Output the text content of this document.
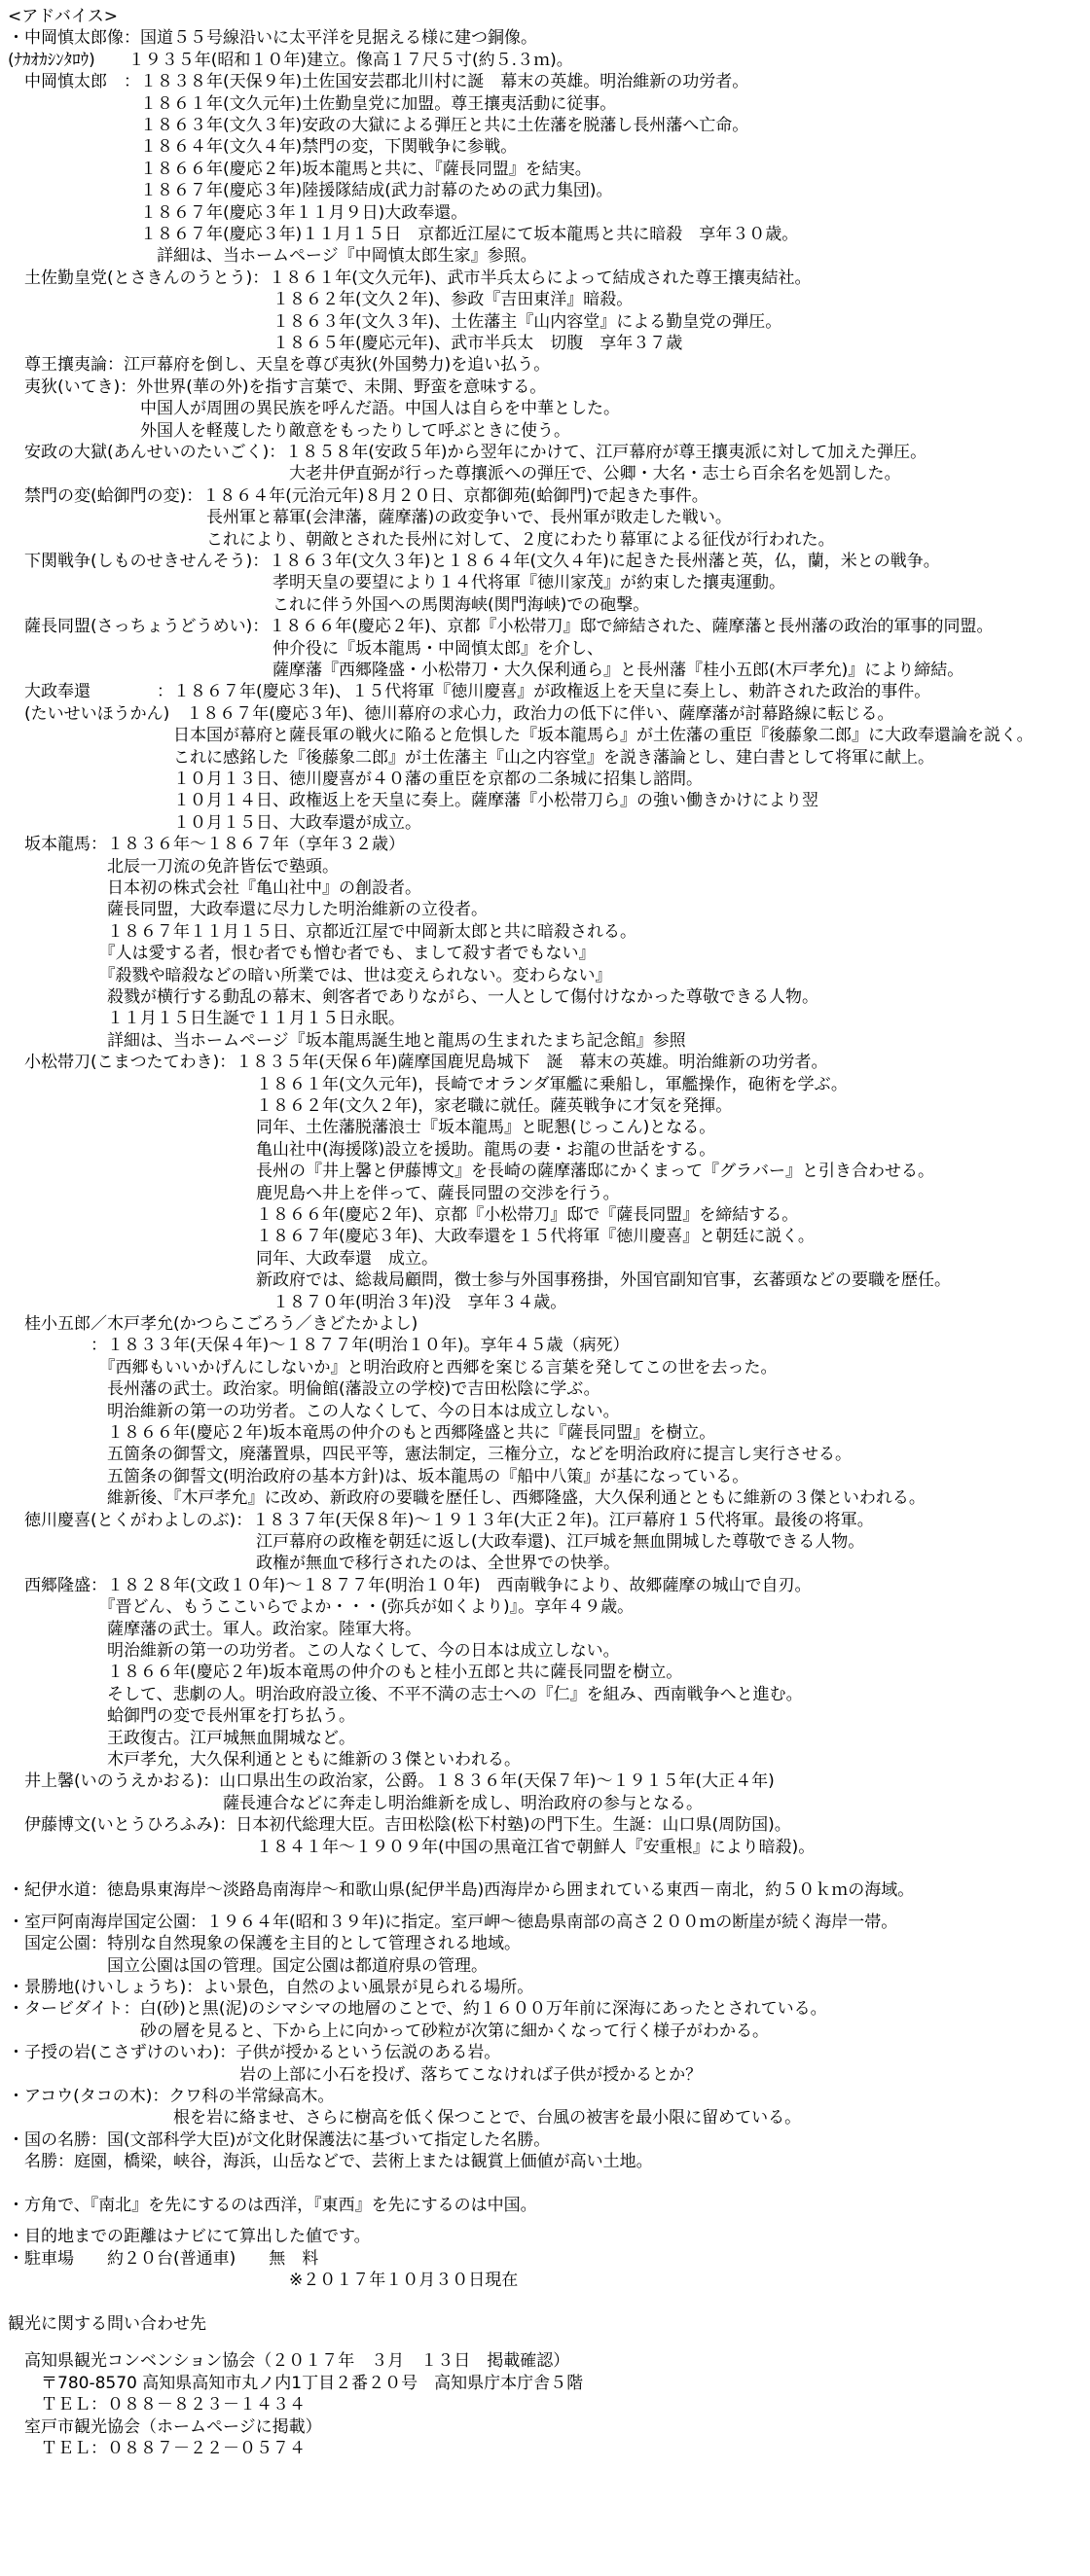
<アドバイス>
・中岡慎太郎像：国道５５号線沿いに太平洋を見据える様に建つ銅像。
(ﾅｶｵｶｼﾝﾀﾛｳ)　　１９３５年(昭和１０年)建立。像高１７尺５寸(約５.３ｍ)。
　中岡慎太郎　：１８３８年(天保９年)土佐国安芸郡北川村に誕　幕末の英雄。明治維新の功労者。
　　　　　　　　１８６１年(文久元年)土佐勤皇党に加盟。尊王攘夷活動に従事。
　　　　　　　　１８６３年(文久３年)安政の大獄による弾圧と共に土佐藩を脱藩し長州藩へ亡命。
　　　　　　　　１８６４年(文久４年)禁門の変，下関戦争に参戦。
　　　　　　　　１８６６年(慶応２年)坂本龍馬と共に、『薩長同盟』を結実。
　　　　　　　　１８６７年(慶応３年)陸援隊結成(武力討幕のための武力集団)。
　　　　　　　　１８６７年(慶応３年１１月９日)大政奉還。
　　　　　　　　１８６７年(慶応３年)１１月１５日　京都近江屋にて坂本龍馬と共に暗殺　享年３０歳。
　　　　　　　　　詳細は、当ホームページ『中岡慎太郎生家』参照。
　土佐勤皇党(とさきんのうとう)：１８６１年(文久元年)、武市半兵太らによって結成された尊王攘夷結社。
　　　　　　　　　　　　　　　　１８６２年(文久２年)、参政『吉田東洋』暗殺。
　　　　　　　　　　　　　　　　１８６３年(文久３年)、土佐藩主『山内容堂』による勤皇党の弾圧。
　　　　　　　　　　　　　　　　１８６５年(慶応元年)、武市半兵太　切腹　享年３７歳
　尊王攘夷論：江戸幕府を倒し、天皇を尊び夷狄(外国勢力)を追い払う。
　夷狄(いてき)：外世界(華の外)を指す言葉で、未開、野蛮を意味する。
　　　　　　　　中国人が周囲の異民族を呼んだ語。中国人は自らを中華とした。
　　　　　　　　外国人を軽蔑したり敵意をもったりして呼ぶときに使う。
　安政の大獄(あんせいのたいごく)：１８５８年(安政５年)から翌年にかけて、江戸幕府が尊王攘夷派に対して加えた弾圧。
　　　　　　　　　　　　　　　　　大老井伊直弼が行った尊攘派への弾圧で、公卿・大名・志士ら百余名を処罰した。
　禁門の変(蛤御門の変)：１８６４年(元治元年)８月２０日、京都御苑(蛤御門)で起きた事件。
　　　　　　　　　　　　長州軍と幕軍(会津藩，薩摩藩)の政変争いで、長州軍が敗走した戦い。
　　　　　　　　　　　　これにより、朝敵とされた長州に対して、２度にわたり幕軍による征伐が行われた。
　下関戦争(しものせきせんそう)：１８６３年(文久３年)と１８６４年(文久４年)に起きた長州藩と英，仏，蘭，米との戦争。
　　　　　　　　　　　　　　　　孝明天皇の要望により１４代将軍『徳川家茂』が約束した攘夷運動。
　　　　　　　　　　　　　　　　これに伴う外国への馬関海峡(関門海峡)での砲撃。
　薩長同盟(さっちょうどうめい)：１８６６年(慶応２年)、京都『小松帯刀』邸で締結された、薩摩藩と長州藩の政治的軍事的同盟。
　　　　　　　　　　　　　　　　仲介役に『坂本龍馬・中岡慎太郎』を介し、
　　　　　　　　　　　　　　　　薩摩藩『西郷隆盛・小松帯刀・大久保利通ら』と長州藩『桂小五郎(木戸孝允)』により締結。
　大政奉還　　　　：１８６７年(慶応３年)、１５代将軍『徳川慶喜』が政権返上を天皇に奏上し、勅許された政治的事件。
　(たいせいほうかん)　１８６７年(慶応３年)、徳川幕府の求心力，政治力の低下に伴い、薩摩藩が討幕路線に転じる。
　　　　　　　　　　日本国が幕府と薩長軍の戦火に陥ると危惧した『坂本龍馬ら』が土佐藩の重臣『後藤象二郎』に大政奉還論を説く。
　　　　　　　　　　これに感銘した『後藤象二郎』が土佐藩主『山之内容堂』を説き藩論とし、建白書として将軍に献上。
　　　　　　　　　　１０月１３日、徳川慶喜が４０藩の重臣を京都の二条城に招集し諮問。
　　　　　　　　　　１０月１４日、政権返上を天皇に奏上。薩摩藩『小松帯刀ら』の強い働きかけにより翌
　　　　　　　　　　１０月１５日、大政奉還が成立。
　坂本龍馬：１８３６年～１８６７年（享年３２歳）
　　　　　　北辰一刀流の免許皆伝で塾頭。
　　　　　　日本初の株式会社『亀山社中』の創設者。
　　　　　　薩長同盟，大政奉還に尽力した明治維新の立役者。
　　　　　　１８６７年１１月１５日、京都近江屋で中岡新太郎と共に暗殺される。
　　　　　　『人は愛する者，恨む者でも憎む者でも、まして殺す者でもない』
　　　　　　『殺戮や暗殺などの暗い所業では、世は変えられない。変わらない』
　　　　　　殺戮が横行する動乱の幕末、剣客者でありながら、一人として傷付けなかった尊敬できる人物。
　　　　　　１１月１５日生誕で１１月１５日永眠。
　　　　　　詳細は、当ホームページ『坂本龍馬誕生地と龍馬の生まれたまち記念館』参照
　小松帯刀(こまつたてわき)：１８３５年(天保６年)薩摩国鹿児島城下　誕　幕末の英雄。明治維新の功労者。
　　　　　　　　　　　　　　　１８６１年(文久元年)，長崎でオランダ軍艦に乗船し，軍艦操作，砲術を学ぶ。
　　　　　　　　　　　　　　　１８６２年(文久２年)，家老職に就任。薩英戦争に才気を発揮。
　　　　　　　　　　　　　　　同年、土佐藩脱藩浪士『坂本龍馬』と昵懇(じっこん)となる。
　　　　　　　　　　　　　　　亀山社中(海援隊)設立を援助。龍馬の妻・お龍の世話をする。
　　　　　　　　　　　　　　　長州の『井上馨と伊藤博文』を長崎の薩摩藩邸にかくまって『グラバー』と引き合わせる。
　　　　　　　　　　　　　　　鹿児島へ井上を伴って、薩長同盟の交渉を行う。
　　　　　　　　　　　　　　　１８６６年(慶応２年)、京都『小松帯刀』邸で『薩長同盟』を締結する。
　　　　　　　　　　　　　　　１８６７年(慶応３年)、大政奉還を１５代将軍『徳川慶喜』と朝廷に説く。
　　　　　　　　　　　　　　　同年、大政奉還　成立。
　　　　　　　　　　　　　　　新政府では、総裁局顧問，徴士参与外国事務掛，外国官副知官事，玄蕃頭などの要職を歴任。
　　　　　　　　　　　　　　　　１８７０年(明治３年)没　享年３４歳。
　桂小五郎／木戸孝允(かつらこごろう／きどたかよし)
　　　　　：１８３３年(天保４年)～１８７７年(明治１０年)。享年４５歳（病死）
　　　　　　『西郷もいいかげんにしないか』と明治政府と西郷を案じる言葉を発してこの世を去った。
　　　　　　長州藩の武士。政治家。明倫館(藩設立の学校)で吉田松陰に学ぶ。
　　　　　　明治維新の第一の功労者。この人なくして、今の日本は成立しない。
　　　　　　１８６６年(慶応２年)坂本竜馬の仲介のもと西郷隆盛と共に『薩長同盟』を樹立。
　　　　　　五箇条の御誓文，廃藩置県，四民平等，憲法制定，三権分立，などを明治政府に提言し実行させる。
　　　　　　五箇条の御誓文(明治政府の基本方針)は、坂本龍馬の『船中八策』が基になっている。
　　　　　　維新後、『木戸孝允』に改め、新政府の要職を歴任し、西郷隆盛，大久保利通とともに維新の３傑といわれる。
　徳川慶喜(とくがわよしのぶ)：１８３７年(天保８年)～１９１３年(大正２年)。江戸幕府１５代将軍。最後の将軍。
　　　　　　　　　　　　　　　江戸幕府の政権を朝廷に返し(大政奉還)、江戸城を無血開城した尊敬できる人物。
　　　　　　　　　　　　　　　政権が無血で移行されたのは、全世界での快挙。
　西郷隆盛：１８２８年(文政１０年)～１８７７年(明治１０年)　西南戦争により、故郷薩摩の城山で自刃。
　　　　　　『晋どん、もうここいらでよか・・・(弥兵が如くより)』。享年４９歳。
　　　　　　薩摩藩の武士。軍人。政治家。陸軍大将。
　　　　　　明治維新の第一の功労者。この人なくして、今の日本は成立しない。
　　　　　　１８６６年(慶応２年)坂本竜馬の仲介のもと桂小五郎と共に薩長同盟を樹立。
　　　　　　そして、悲劇の人。明治政府設立後、不平不満の志士への『仁』を組み、西南戦争へと進む。
　　　　　　蛤御門の変で長州軍を打ち払う。
　　　　　　王政復古。江戸城無血開城など。
　　　　　　木戸孝允，大久保利通とともに維新の３傑といわれる。
　井上馨(いのうえかおる)：山口県出生の政治家，公爵。１８３６年(天保７年)～１９１５年(大正４年)
　　　　　　　　　　　　　薩長連合などに奔走し明治維新を成し、明治政府の参与となる。
　伊藤博文(いとうひろふみ)：日本初代総理大臣。吉田松陰(松下村塾)の門下生。生誕：山口県(周防国)。
　　　　　　　　　　　　　　　１８４１年～１９０９年(中国の黒竜江省で朝鮮人『安重根』により暗殺)。
・紀伊水道：徳島県東海岸～淡路島南海岸～和歌山県(紀伊半島)西海岸から囲まれている東西－南北，約５０ｋｍの海域。
・室戸阿南海岸国定公園：１９６４年(昭和３９年)に指定。室戸岬～徳島県南部の高さ２００ｍの断崖が続く海岸一帯。
　国定公園：特別な自然現象の保護を主目的として管理される地域。
　　　　　　国立公園は国の管理。国定公園は都道府県の管理。
・景勝地(けいしょうち)：よい景色，自然のよい風景が見られる場所。
・タービダイト：白(砂)と黒(泥)のシマシマの地層のことで、約１６００万年前に深海にあったとされている。
　　　　　　　　砂の層を見ると、下から上に向かって砂粒が次第に細かくなって行く様子がわかる。
・子授の岩(こさずけのいわ)：子供が授かるという伝説のある岩。
　　　　　　　　　　　　　　岩の上部に小石を投げ、落ちてこなければ子供が授かるとか？
・アコウ(タコの木)：クワ科の半常緑高木。
　　　　　　　　　　根を岩に絡ませ、さらに樹高を低く保つことで、台風の被害を最小限に留めている。
・国の名勝：国(文部科学大臣)が文化財保護法に基づいて指定した名勝。
　名勝：庭園，橋梁，峡谷，海浜，山岳などで、芸術上または観賞上価値が高い土地。
・方角で、『南北』を先にするのは西洋，『東西』を先にするのは中国。
・目的地までの距離はナビにて算出した値です。
・駐車場　　約２０台(普通車)　　無　料
　　　　　　　　　　　　　　　　　※２０１７年１０月３０日現在
観光に関する問い合わせ先
　高知県観光コンベンション協会（２０１７年　３月　１３日　掲載確認）
　　〒780-8570 高知県高知市丸ノ内1丁目２番２０号　高知県庁本庁舎５階
　　ＴＥＬ：０８８－８２３－１４３４
　室戸市観光協会（ホームページに掲載）
　　ＴＥＬ：０８８７－２２－０５７４
